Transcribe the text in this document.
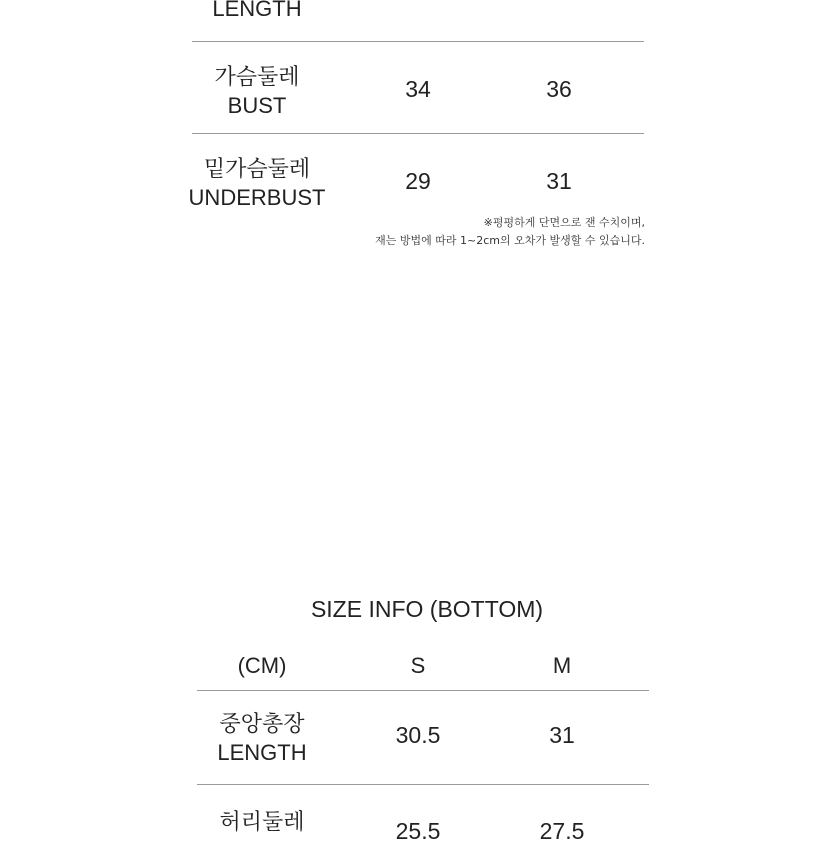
LENGTH
가슴둘레
BUST
34	36
밑가슴둘레
UNDERBUST
29	31
※평평하게 단면으로 잰 수치이며,
재는 방법에 따라 1~2cm의 오차가 발생할 수 있습니다.
SIZE INFO (BOTTOM)
(CM)	S	M
중앙총장
LENGTH
30.5	31
허리둘레	25.5	27.5
